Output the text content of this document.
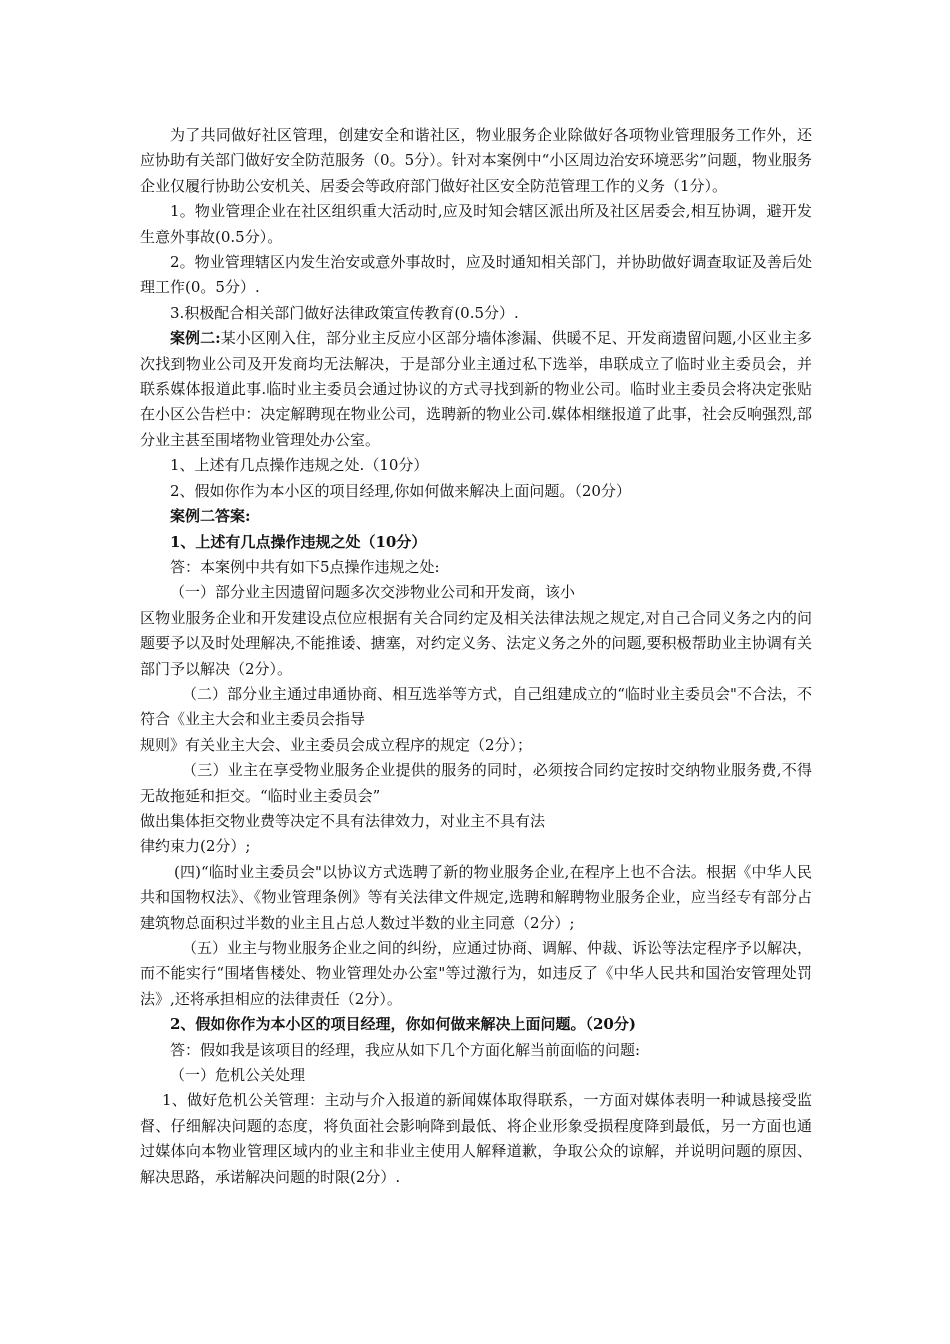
为了共同做好社区管理，创建安全和谐社区，物业服务企业除做好各项物业管理服务工作外，还应协助有关部门做好安全防范服务（0。5分）。针对本案例中“小区周边治安环境恶劣”问题，物业服务企业仅履行协助公安机关、居委会等政府部门做好社区安全防范管理工作的义务（1分）。

1。物业管理企业在社区组织重大活动时,应及时知会辖区派出所及社区居委会,相互协调，避开发生意外事故(0.5分）。

2。物业管理辖区内发生治安或意外事故时，应及时通知相关部门，并协助做好调查取证及善后处理工作(0。5分）.

3.积极配合相关部门做好法律政策宣传教育(0.5分）.

案例二:某小区刚入住，部分业主反应小区部分墙体渗漏、供暖不足、开发商遗留问题,小区业主多次找到物业公司及开发商均无法解决，于是部分业主通过私下选举，串联成立了临时业主委员会，并联系媒体报道此事.临时业主委员会通过协议的方式寻找到新的物业公司。临时业主委员会将决定张贴在小区公告栏中：决定解聘现在物业公司，选聘新的物业公司.媒体相继报道了此事，社会反响强烈,部分业主甚至围堵物业管理处办公室。

1、上述有几点操作违规之处.（10分）

2、假如你作为本小区的项目经理,你如何做来解决上面问题。（20分）

案例二答案:

1、上述有几点操作违规之处（10分）

答：本案例中共有如下5点操作违规之处:

（一）部分业主因遗留问题多次交涉物业公司和开发商，该小

区物业服务企业和开发建设点位应根据有关合同约定及相关法律法规之规定,对自己合同义务之内的问题要予以及时处理解决,不能推诿、搪塞，对约定义务、法定义务之外的问题,要积极帮助业主协调有关部门予以解决（2分）。

（二）部分业主通过串通协商、相互选举等方式，自己组建成立的“临时业主委员会"不合法，不符合《业主大会和业主委员会指导

规则》有关业主大会、业主委员会成立程序的规定（2分）；

（三）业主在享受物业服务企业提供的服务的同时，必须按合同约定按时交纳物业服务费,不得无故拖延和拒交。“临时业主委员会”

做出集体拒交物业费等决定不具有法律效力，对业主不具有法

律约束力(2分）;

(四)“临时业主委员会"以协议方式选聘了新的物业服务企业,在程序上也不合法。根据《中华人民共和国物权法》、《物业管理条例》等有关法律文件规定,选聘和解聘物业服务企业，应当经专有部分占建筑物总面积过半数的业主且占总人数过半数的业主同意（2分）;

（五）业主与物业服务企业之间的纠纷，应通过协商、调解、仲裁、诉讼等法定程序予以解决，而不能实行“围堵售楼处、物业管理处办公室"等过激行为，如违反了《中华人民共和国治安管理处罚法》,还将承担相应的法律责任（2分）。

2、假如你作为本小区的项目经理，你如何做来解决上面问题。（20分)

答：假如我是该项目的经理，我应从如下几个方面化解当前面临的问题:

（一）危机公关处理

1、做好危机公关管理：主动与介入报道的新闻媒体取得联系，一方面对媒体表明一种诚恳接受监督、仔细解决问题的态度，将负面社会影响降到最低、将企业形象受损程度降到最低，另一方面也通过媒体向本物业管理区域内的业主和非业主使用人解释道歉，争取公众的谅解，并说明问题的原因、解决思路，承诺解决问题的时限(2分）.
